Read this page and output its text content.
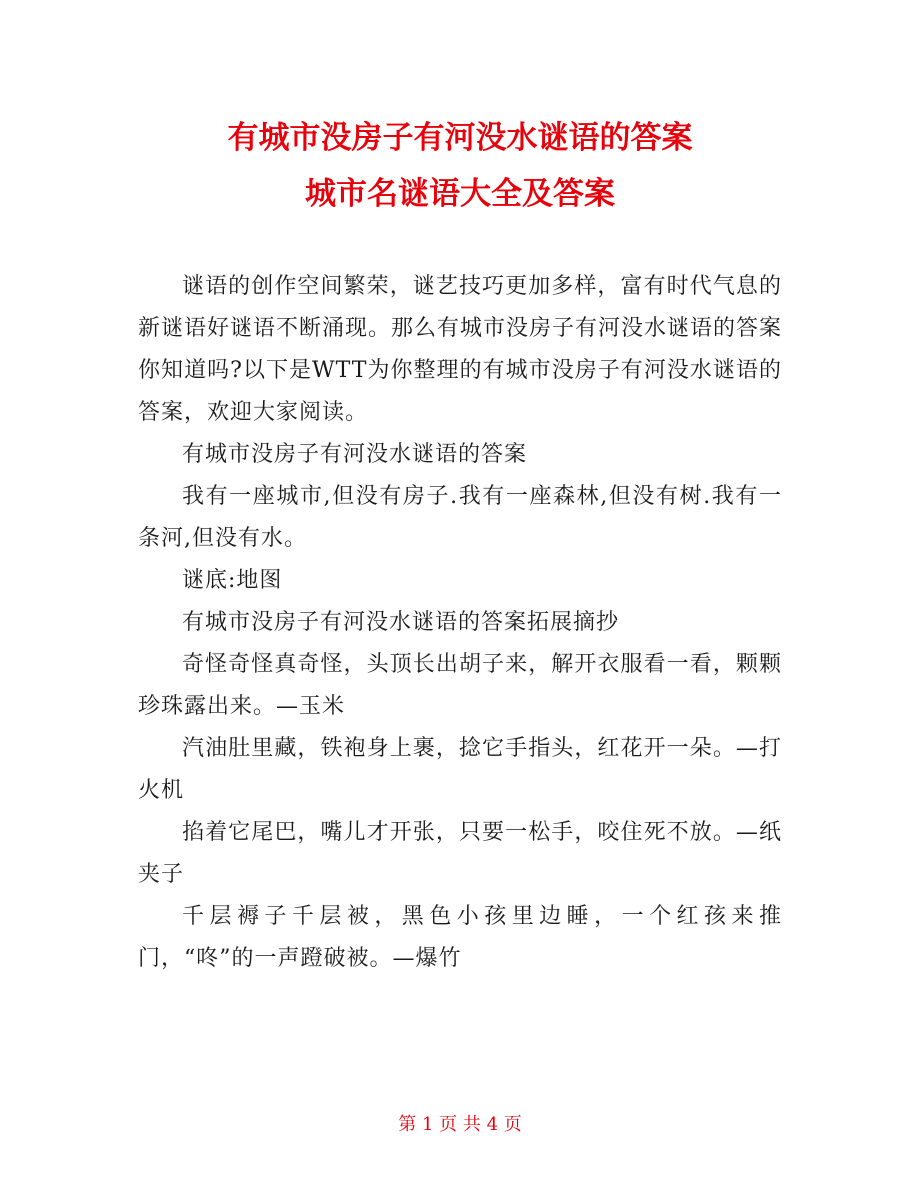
有城市没房子有河没水谜语的答案
城市名谜语大全及答案

谜语的创作空间繁荣，谜艺技巧更加多样，富有时代气息的新谜语好谜语不断涌现。那么有城市没房子有河没水谜语的答案你知道吗?以下是WTT为你整理的有城市没房子有河没水谜语的答案，欢迎大家阅读。

有城市没房子有河没水谜语的答案

我有一座城市,但没有房子.我有一座森林,但没有树.我有一条河,但没有水。

谜底:地图

有城市没房子有河没水谜语的答案拓展摘抄

奇怪奇怪真奇怪，头顶长出胡子来，解开衣服看一看，颗颗珍珠露出来。—玉米

汽油肚里藏，铁袍身上裹，捻它手指头，红花开一朵。—打火机

掐着它尾巴，嘴儿才开张，只要一松手，咬住死不放。—纸夹子

千层褥子千层被，黑色小孩里边睡，一个红孩来推门，“咚”的一声蹬破被。—爆竹

第 1 页 共 4 页
